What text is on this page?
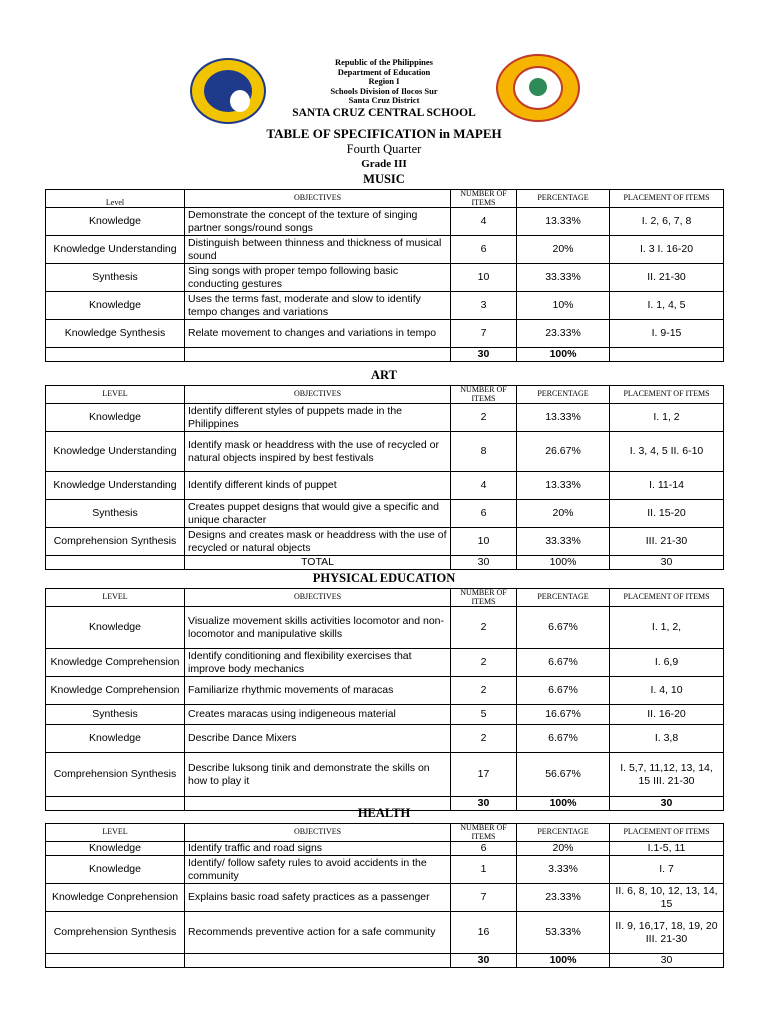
Republic of the Philippines
Department of Education
Region I
Schools Division of Ilocos Sur
Santa Cruz District
SANTA CRUZ CENTRAL SCHOOL
TABLE OF SPECIFICATION in MAPEH
Fourth Quarter
Grade III
MUSIC
Level	OBJECTIVES	NUMBER OF ITEMS	PERCENTAGE	PLACEMENT OF ITEMS
Knowledge	Demonstrate the concept of the texture of singing partner songs/round songs	4	13.33%	I. 2, 6, 7, 8
Knowledge Understanding	Distinguish between thinness and thickness of musical sound	6	20%	I. 3 I. 16-20
Synthesis	Sing songs with proper tempo following basic conducting gestures	10	33.33%	II. 21-30
Knowledge	Uses the terms fast, moderate and slow to identify tempo changes and variations	3	10%	I. 1, 4, 5
Knowledge Synthesis	Relate movement to changes and variations in tempo	7	23.33%	I. 9-15
		30	100%	
ART
LEVEL	OBJECTIVES	NUMBER OF ITEMS	PERCENTAGE	PLACEMENT OF ITEMS
Knowledge	Identify different styles of puppets made in the Philippines	2	13.33%	I. 1, 2
Knowledge Understanding	Identify mask or headdress with the use of recycled or natural objects inspired by best festivals	8	26.67%	I. 3, 4, 5 II. 6-10
Knowledge Understanding	Identify different kinds of puppet	4	13.33%	I. 11-14
Synthesis	Creates puppet designs that would give a specific and unique character	6	20%	II. 15-20
Comprehension Synthesis	Designs and creates mask or headdress with the use of recycled or natural objects	10	33.33%	III. 21-30
	TOTAL	30	100%	30
PHYSICAL EDUCATION
LEVEL	OBJECTIVES	NUMBER OF ITEMS	PERCENTAGE	PLACEMENT OF ITEMS
Knowledge	Visualize movement skills activities locomotor and non-locomotor and manipulative skills	2	6.67%	I. 1, 2,
Knowledge Comprehension	Identify conditioning and flexibility exercises that improve body mechanics	2	6.67%	I. 6,9
Knowledge Comprehension	Familiarize rhythmic movements of maracas	2	6.67%	I. 4, 10
Synthesis	Creates maracas using indigeneous material	5	16.67%	II. 16-20
Knowledge	Describe Dance Mixers	2	6.67%	I. 3,8
Comprehension Synthesis	Describe luksong tinik and demonstrate the skills on how to play it	17	56.67%	I. 5,7, 11,12, 13, 14, 15 III. 21-30
		30	100%	30
HEALTH
LEVEL	OBJECTIVES	NUMBER OF ITEMS	PERCENTAGE	PLACEMENT OF ITEMS
Knowledge	Identify traffic and road signs	6	20%	I.1-5, 11
Knowledge	Identify/ follow safety rules to avoid accidents in the community	1	3.33%	I. 7
Knowledge Conprehension	Explains basic road safety practices as a passenger	7	23.33%	II. 6, 8, 10, 12, 13, 14, 15
Comprehension Synthesis	Recommends preventive action for a safe community	16	53.33%	II. 9, 16,17, 18, 19, 20 III. 21-30
		30	100%	30
